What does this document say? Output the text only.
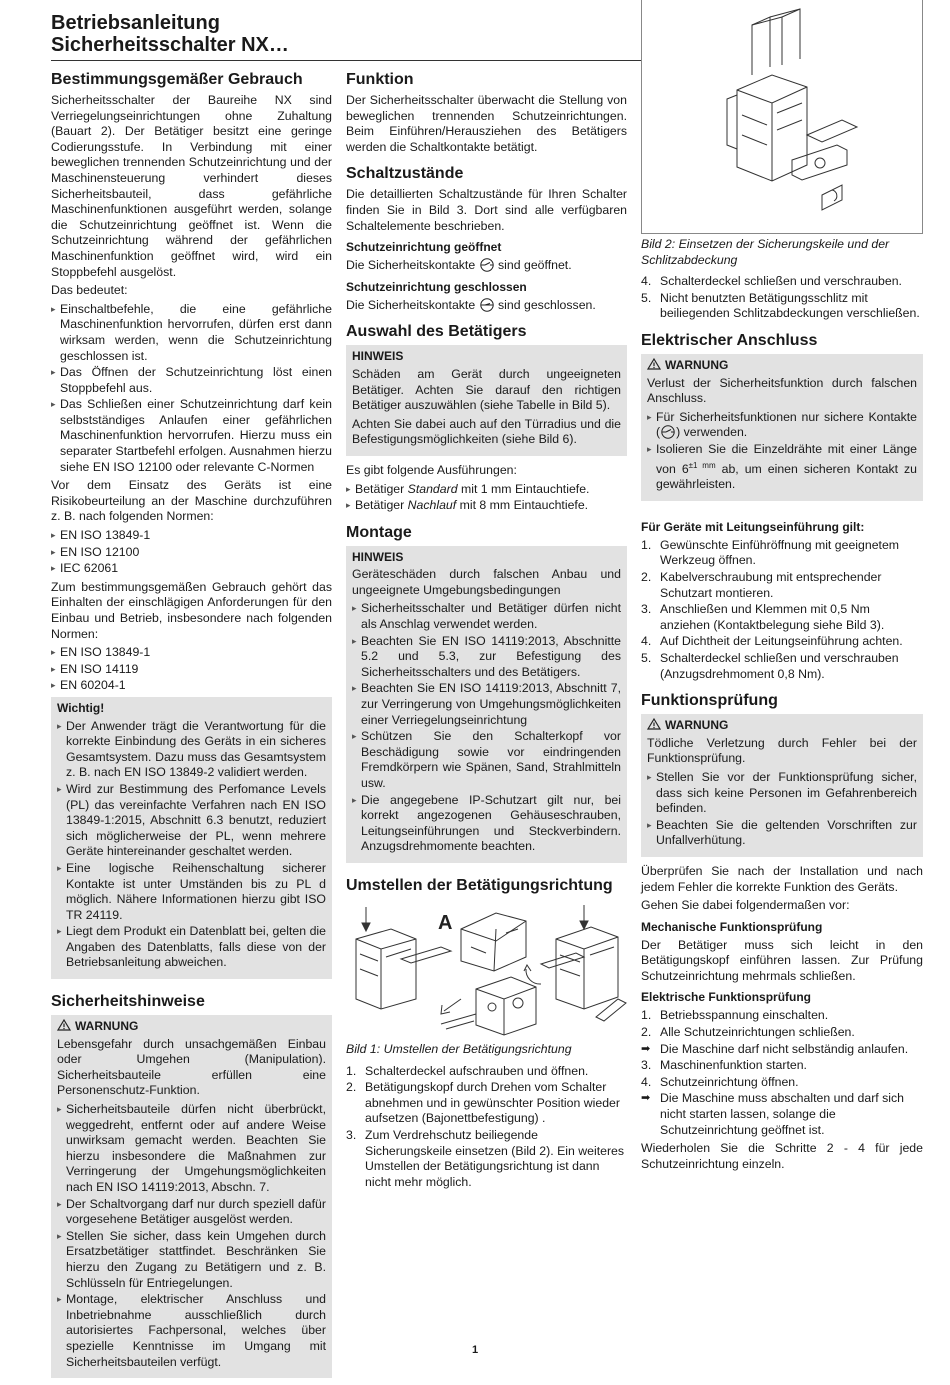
Betriebsanleitung
Sicherheitsschalter NX…
Bestimmungsgemäßer Gebrauch

Sicherheitsschalter der Baureihe NX sind Verriegelungseinrichtungen ohne Zuhaltung (Bauart 2). Der Betätiger besitzt eine geringe Codierungsstufe. In Verbindung mit einer beweglichen trennenden Schutzeinrichtung und der Maschinensteuerung verhindert dieses Sicherheitsbauteil, dass gefährliche Maschinenfunktionen ausgeführt werden, solange die Schutzeinrichtung geöffnet ist. Wenn die Schutzeinrichtung während der gefährlichen Maschinenfunktion geöffnet wird, wird ein Stoppbefehl ausgelöst.

Das bedeutet:

▸ Einschaltbefehle, die eine gefährliche Maschinenfunktion hervorrufen, dürfen erst dann wirksam werden, wenn die Schutzeinrichtung geschlossen ist.
▸ Das Öffnen der Schutzeinrichtung löst einen Stoppbefehl aus.
▸ Das Schließen einer Schutzeinrichtung darf kein selbstständiges Anlaufen einer gefährlichen Maschinenfunktion hervorrufen. Hierzu muss ein separater Startbefehl erfolgen. Ausnahmen hierzu siehe EN ISO 12100 oder relevante C-Normen

Vor dem Einsatz des Geräts ist eine Risikobeurteilung an der Maschine durchzuführen z. B. nach folgenden Normen:

▸ EN ISO 13849-1
▸ EN ISO 12100
▸ IEC 62061

Zum bestimmungsgemäßen Gebrauch gehört das Einhalten der einschlägigen Anforderungen für den Einbau und Betrieb, insbesondere nach folgenden Normen:

▸ EN ISO 13849-1
▸ EN ISO 14119
▸ EN 60204-1
Wichtig!
▸ Der Anwender trägt die Verantwortung für die korrekte Einbindung des Geräts in ein sicheres Gesamtsystem. Dazu muss das Gesamtsystem z. B. nach EN ISO 13849-2 validiert werden.
▸ Wird zur Bestimmung des Perfomance Levels (PL) das vereinfachte Verfahren nach EN ISO 13849-1:2015, Abschnitt 6.3 benutzt, reduziert sich möglicherweise der PL, wenn mehrere Geräte hintereinander geschaltet werden.
▸ Eine logische Reihenschaltung sicherer Kontakte ist unter Umständen bis zu PL d möglich. Nähere Informationen hierzu gibt ISO TR 24119.
▸ Liegt dem Produkt ein Datenblatt bei, gelten die Angaben des Datenblatts, falls diese von der Betriebsanleitung abweichen.
Sicherheitshinweise
WARNUNG

Lebensgefahr durch unsachgemäßen Einbau oder Umgehen (Manipulation). Sicherheitsbauteile erfüllen eine Personenschutz-Funktion.

▸ Sicherheitsbauteile dürfen nicht überbrückt, weggedreht, entfernt oder auf andere Weise unwirksam gemacht werden. Beachten Sie hierzu insbesondere die Maßnahmen zur Verringerung der Umgehungsmöglichkeiten nach EN ISO 14119:2013, Abschn. 7.
▸ Der Schaltvorgang darf nur durch speziell dafür vorgesehene Betätiger ausgelöst werden.
▸ Stellen Sie sicher, dass kein Umgehen durch Ersatzbetätiger stattfindet. Beschränken Sie hierzu den Zugang zu Betätigern und z. B. Schlüsseln für Entriegelungen.
▸ Montage, elektrischer Anschluss und Inbetriebnahme ausschließlich durch autorisiertes Fachpersonal, welches über spezielle Kenntnisse im Umgang mit Sicherheitsbauteilen verfügt.
Funktion

Der Sicherheitsschalter überwacht die Stellung von beweglichen trennenden Schutzeinrichtungen. Beim Einführen/Herausziehen des Betätigers werden die Schaltkontakte betätigt.

Schaltzustände

Die detaillierten Schaltzustände für Ihren Schalter finden Sie in Bild 3. Dort sind alle verfügbaren Schaltelemente beschrieben.

Schutzeinrichtung geöffnet

Die Sicherheitskontakte sind geöffnet.

Schutzeinrichtung geschlossen

Die Sicherheitskontakte sind geschlossen.

Auswahl des Betätigers
HINWEIS

Schäden am Gerät durch ungeeigneten Betätiger. Achten Sie darauf den richtigen Betätiger auszuwählen (siehe Tabelle in Bild 5).

Achten Sie dabei auch auf den Türradius und die Befestigungsmöglichkeiten (siehe Bild 6).

Es gibt folgende Ausführungen:

▸ Betätiger Standard mit 1 mm Eintauchtiefe.
▸ Betätiger Nachlauf mit 8 mm Eintauchtiefe.
Montage
HINWEIS

Geräteschäden durch falschen Anbau und ungeeignete Umgebungsbedingungen

▸ Sicherheitsschalter und Betätiger dürfen nicht als Anschlag verwendet werden.
▸ Beachten Sie EN ISO 14119:2013, Abschnitte 5.2 und 5.3, zur Befestigung des Sicherheitsschalters und des Betätigers.
▸ Beachten Sie EN ISO 14119:2013, Abschnitt 7, zur Verringerung von Umgehungsmöglichkeiten einer Verriegelungseinrichtung
▸ Schützen Sie den Schalterkopf vor Beschädigung sowie vor eindringenden Fremdkörpern wie Spänen, Sand, Strahlmitteln usw.
▸ Die angegebene IP-Schutzart gilt nur, bei korrekt angezogenen Gehäuseschrauben, Leitungseinführungen und Steckverbindern. Anzugsdrehmomente beachten.
Umstellen der Betätigungsrichtung
A
Bild 1: Umstellen der Betätigungsrichtung
1. Schalterdeckel aufschrauben und öffnen.
2. Betätigungskopf durch Drehen vom Schalter abnehmen und in gewünschter Position wieder aufsetzen (Bajonettbefestigung) .
3. Zum Verdrehschutz beiliegende Sicherungskeile einsetzen (Bild 2). Ein weiteres Umstellen der Betätigungsrichtung ist dann nicht mehr möglich.
Bild 2: Einsetzen der Sicherungskeile und der Schlitzabdeckung
4. Schalterdeckel schließen und verschrauben.
5. Nicht benutzten Betätigungsschlitz mit beiliegenden Schlitzabdeckungen verschließen.
Elektrischer Anschluss
WARNUNG

Verlust der Sicherheitsfunktion durch falschen Anschluss.

▸ Für Sicherheitsfunktionen nur sichere Kontakte ( ) verwenden.
▸ Isolieren Sie die Einzeldrähte mit einer Länge von $6^{\pm 1 mm}$ ab, um einen sicheren Kontakt zu gewährleisten.
Für Geräte mit Leitungseinführung gilt:
1. Gewünschte Einführöffnung mit geeignetem Werkzeug öffnen.
2. Kabelverschraubung mit entsprechender Schutzart montieren.
3. Anschließen und Klemmen mit 0,5 Nm anziehen (Kontaktbelegung siehe Bild 3).
4. Auf Dichtheit der Leitungseinführung achten.
5. Schalterdeckel schließen und verschrauben (Anzugsdrehmoment 0,8 Nm).
Funktionsprüfung
WARNUNG

Tödliche Verletzung durch Fehler bei der Funktionsprüfung.

▸ Stellen Sie vor der Funktionsprüfung sicher, dass sich keine Personen im Gefahrenbereich befinden.
▸ Beachten Sie die geltenden Vorschriften zur Unfallverhütung.

Überprüfen Sie nach der Installation und nach jedem Fehler die korrekte Funktion des Geräts.

Gehen Sie dabei folgendermaßen vor:

Mechanische Funktionsprüfung

Der Betätiger muss sich leicht in den Betätigungskopf einführen lassen. Zur Prüfung Schutzeinrichtung mehrmals schließen.

Elektrische Funktionsprüfung
1. Betriebsspannung einschalten.
2. Alle Schutzeinrichtungen schließen.
➡ Die Maschine darf nicht selbständig anlaufen.
3. Maschinenfunktion starten.
4. Schutzeinrichtung öffnen.
➡ Die Maschine muss abschalten und darf sich nicht starten lassen, solange die Schutzeinrichtung geöffnet ist.

Wiederholen Sie die Schritte 2 - 4 für jede Schutzeinrichtung einzeln.

1
